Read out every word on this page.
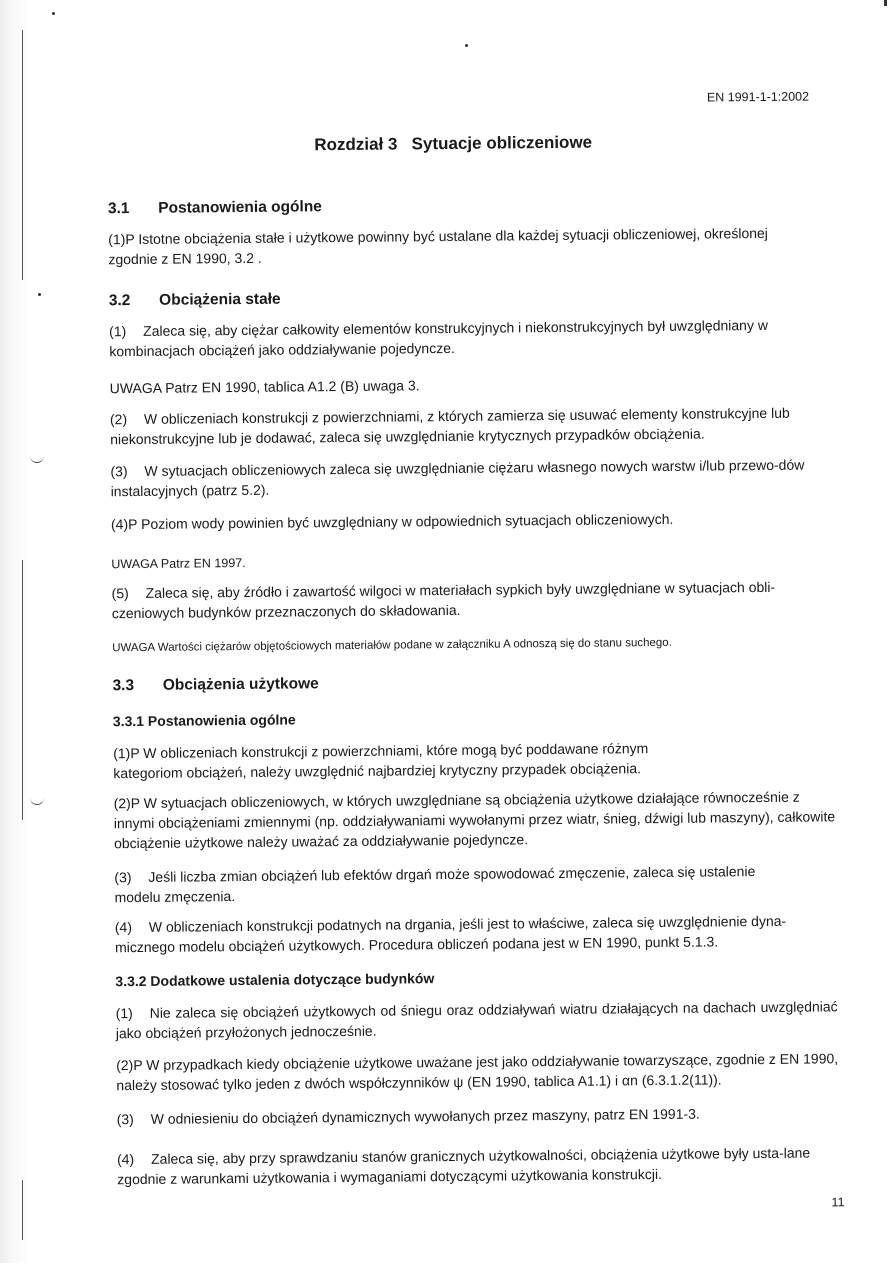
EN 1991-1-1:2002
Rozdział 3 Sytuacje obliczeniowe
3.1 Postanowienia ogólne

(1)P Istotne obciążenia stałe i użytkowe powinny być ustalane dla każdej sytuacji obliczeniowej, określonej zgodnie z EN 1990, 3.2 .

3.2 Obciążenia stałe

(1) Zaleca się, aby ciężar całkowity elementów konstrukcyjnych i niekonstrukcyjnych był uwzględniany w kombinacjach obciążeń jako oddziaływanie pojedyncze.

UWAGA Patrz EN 1990, tablica A1.2 (B) uwaga 3.

(2) W obliczeniach konstrukcji z powierzchniami, z których zamierza się usuwać elementy konstrukcyjne lub niekonstrukcyjne lub je dodawać, zaleca się uwzględnianie krytycznych przypadków obciążenia.

(3) W sytuacjach obliczeniowych zaleca się uwzględnianie ciężaru własnego nowych warstw i/lub przewo-dów instalacyjnych (patrz 5.2).

(4)P Poziom wody powinien być uwzględniany w odpowiednich sytuacjach obliczeniowych.

UWAGA Patrz EN 1997.

(5) Zaleca się, aby źródło i zawartość wilgoci w materiałach sypkich były uwzględniane w sytuacjach obli-czeniowych budynków przeznaczonych do składowania.

UWAGA Wartości ciężarów objętościowych materiałów podane w załączniku A odnoszą się do stanu suchego.

3.3 Obciążenia użytkowe
3.3.1 Postanowienia ogólne

(1)P W obliczeniach konstrukcji z powierzchniami, które mogą być poddawane różnym kategoriom obciążeń, należy uwzględnić najbardziej krytyczny przypadek obciążenia.

(2)P W sytuacjach obliczeniowych, w których uwzględniane są obciążenia użytkowe działające równocześnie z innymi obciążeniami zmiennymi (np. oddziaływaniami wywołanymi przez wiatr, śnieg, dźwigi lub maszyny), całkowite obciążenie użytkowe należy uważać za oddziaływanie pojedyncze.

(3) Jeśli liczba zmian obciążeń lub efektów drgań może spowodować zmęczenie, zaleca się ustalenie modelu zmęczenia.

(4) W obliczeniach konstrukcji podatnych na drgania, jeśli jest to właściwe, zaleca się uwzględnienie dyna-micznego modelu obciążeń użytkowych. Procedura obliczeń podana jest w EN 1990, punkt 5.1.3.

3.3.2 Dodatkowe ustalenia dotyczące budynków

(1) Nie zaleca się obciążeń użytkowych od śniegu oraz oddziaływań wiatru działających na dachach uwzględniać jako obciążeń przyłożonych jednocześnie.

(2)P W przypadkach kiedy obciążenie użytkowe uważane jest jako oddziaływanie towarzyszące, zgodnie z EN 1990, należy stosować tylko jeden z dwóch współczynników ψ (EN 1990, tablica A1.1) i αn (6.3.1.2(11)).

(3) W odniesieniu do obciążeń dynamicznych wywołanych przez maszyny, patrz EN 1991-3.

(4) Zaleca się, aby przy sprawdzaniu stanów granicznych użytkowalności, obciążenia użytkowe były usta-lane zgodnie z warunkami użytkowania i wymaganiami dotyczącymi użytkowania konstrukcji.

11
